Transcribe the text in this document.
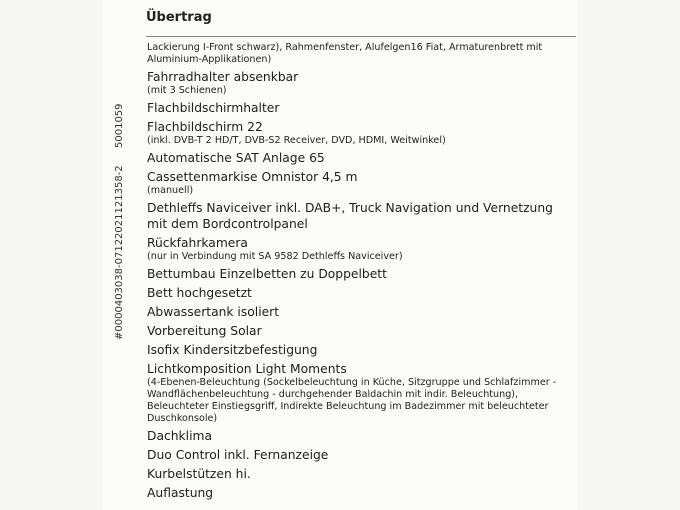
5001059
#0000403038-07122021121358-2
Übertrag
Lackierung I-Front schwarz), Rahmenfenster, Alufelgen16 Fiat, Armaturenbrett mit Aluminium-Applikationen)
Fahrradhalter absenkbar
(mit 3 Schienen)
Flachbildschirmhalter
Flachbildschirm 22
(inkl. DVB-T 2 HD/T, DVB-S2 Receiver, DVD, HDMI, Weitwinkel)
Automatische SAT Anlage 65
Cassettenmarkise Omnistor 4,5 m
(manuell)
Dethleffs Naviceiver inkl. DAB+, Truck Navigation und Vernetzung mit dem Bordcontrolpanel
Rückfahrkamera
(nur in Verbindung mit SA 9582 Dethleffs Naviceiver)
Bettumbau Einzelbetten zu Doppelbett
Bett hochgesetzt
Abwassertank isoliert
Vorbereitung Solar
Isofix Kindersitzbefestigung
Lichtkomposition Light Moments
(4-Ebenen-Beleuchtung (Sockelbeleuchtung in Küche, Sitzgruppe und Schlafzimmer - Wandflächenbeleuchtung - durchgehender Baldachin mit indir. Beleuchtung), Beleuchteter Einstiegsgriff, Indirekte Beleuchtung im Badezimmer mit beleuchteter Duschkonsole)
Dachklima
Duo Control inkl. Fernanzeige
Kurbelstützen hi.
Auflastung
